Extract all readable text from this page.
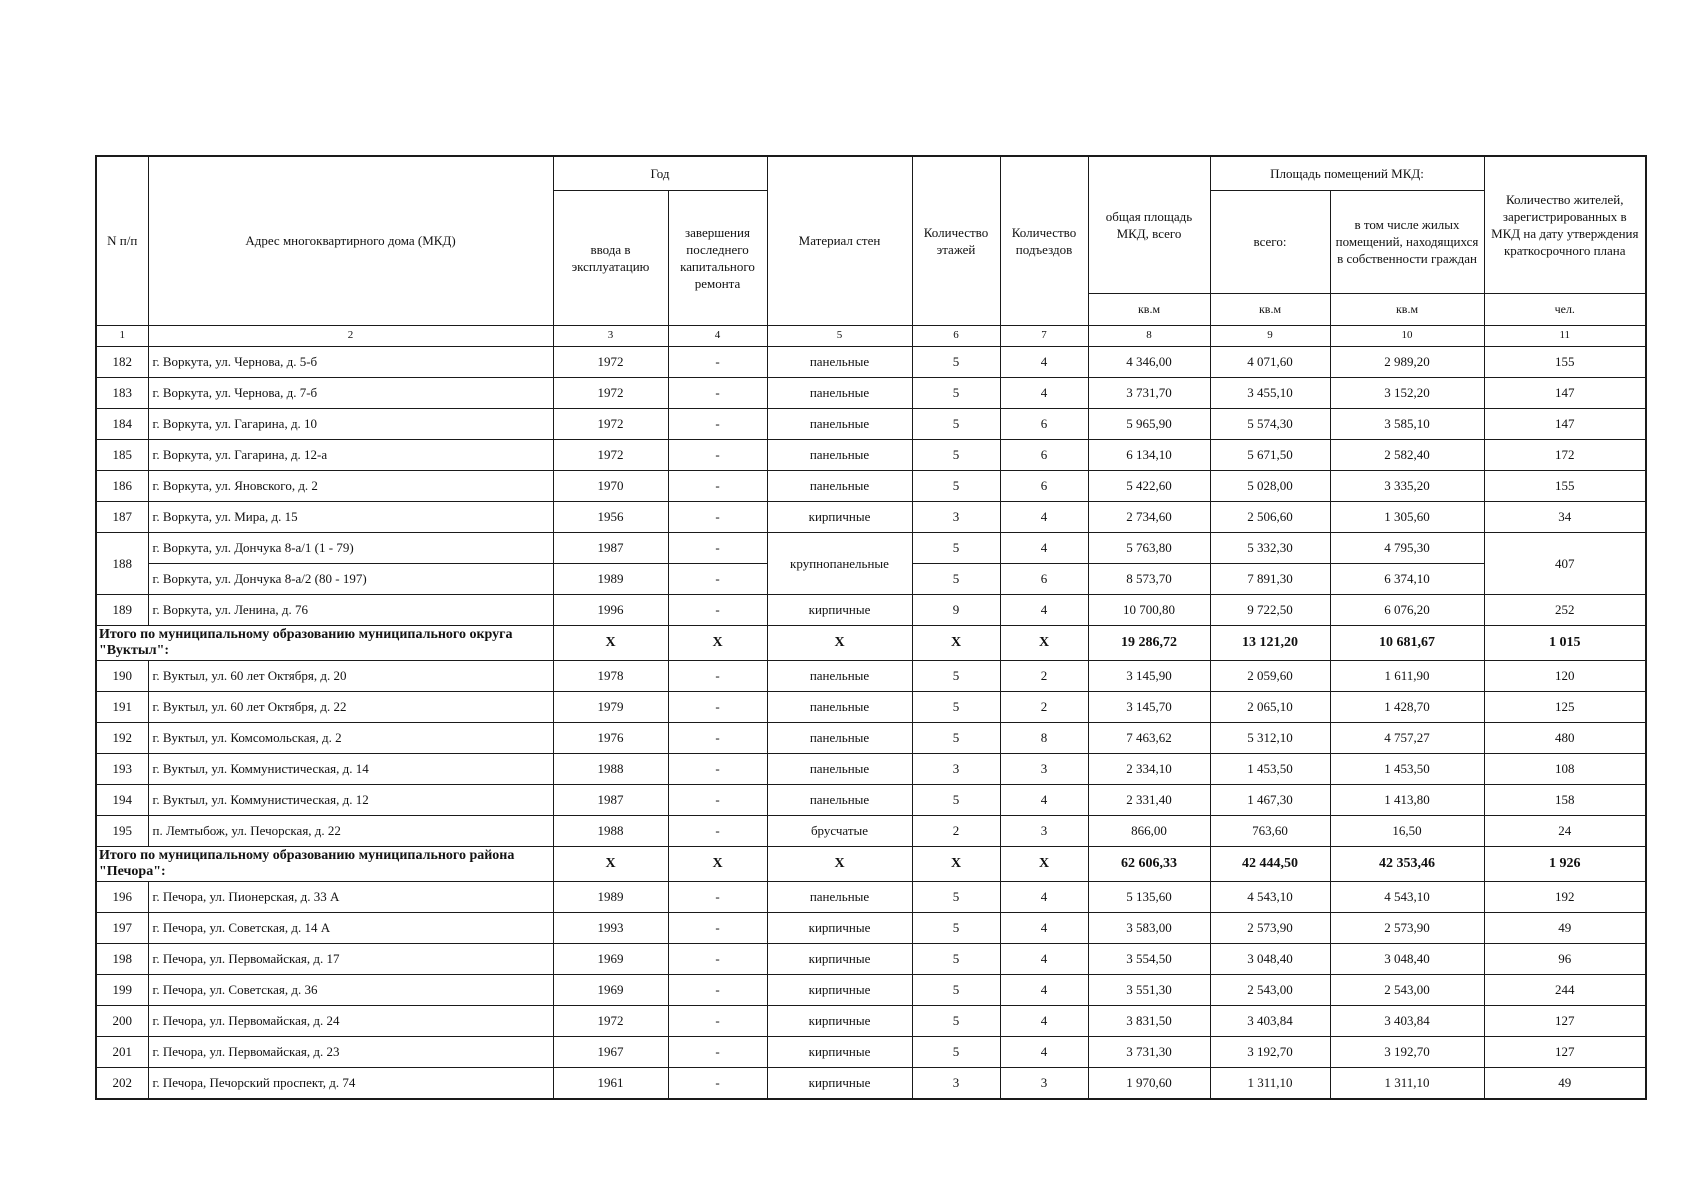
N п/п	Адрес многоквартирного дома (МКД)	Год		Материал стен	Количество этажей	Количество подъездов	общая площадь МКД, всего	Площадь помещений МКД:		Количество жителей, зарегистрированных в МКД на дату утверждения краткосрочного плана
		ввода в эксплуатацию	завершения последнего капитального ремонта					всего:	в том числе жилых помещений, находящихся в собственности граждан	
							кв.м	кв.м	кв.м	чел.
1	2	3	4	5	6	7	8	9	10	11
182	г. Воркута, ул. Чернова, д. 5-б	1972	-	панельные	5	4	4 346,00	4 071,60	2 989,20	155
183	г. Воркута, ул. Чернова, д. 7-б	1972	-	панельные	5	4	3 731,70	3 455,10	3 152,20	147
184	г. Воркута, ул. Гагарина, д. 10	1972	-	панельные	5	6	5 965,90	5 574,30	3 585,10	147
185	г. Воркута, ул. Гагарина, д. 12-а	1972	-	панельные	5	6	6 134,10	5 671,50	2 582,40	172
186	г. Воркута, ул. Яновского, д. 2	1970	-	панельные	5	6	5 422,60	5 028,00	3 335,20	155
187	г. Воркута, ул. Мира, д. 15	1956	-	кирпичные	3	4	2 734,60	2 506,60	1 305,60	34
188	г. Воркута, ул. Дончука 8-а/1 (1 - 79)	1987	-	крупнопанельные	5	4	5 763,80	5 332,30	4 795,30	407
	г. Воркута, ул. Дончука 8-а/2 (80 - 197)	1989	-		5	6	8 573,70	7 891,30	6 374,10	
189	г. Воркута, ул. Ленина, д. 76	1996	-	кирпичные	9	4	10 700,80	9 722,50	6 076,20	252
Итого по муниципальному образованию муниципального округа "Вуктыл":		X	X	X	X	X	19 286,72	13 121,20	10 681,67	1 015
190	г. Вуктыл, ул. 60 лет Октября, д. 20	1978	-	панельные	5	2	3 145,90	2 059,60	1 611,90	120
191	г. Вуктыл, ул. 60 лет Октября, д. 22	1979	-	панельные	5	2	3 145,70	2 065,10	1 428,70	125
192	г. Вуктыл, ул. Комсомольская, д. 2	1976	-	панельные	5	8	7 463,62	5 312,10	4 757,27	480
193	г. Вуктыл, ул. Коммунистическая, д. 14	1988	-	панельные	3	3	2 334,10	1 453,50	1 453,50	108
194	г. Вуктыл, ул. Коммунистическая, д. 12	1987	-	панельные	5	4	2 331,40	1 467,30	1 413,80	158
195	п. Лемтыбож, ул. Печорская, д. 22	1988	-	брусчатые	2	3	866,00	763,60	16,50	24
Итого по муниципальному образованию муниципального района "Печора":		X	X	X	X	X	62 606,33	42 444,50	42 353,46	1 926
196	г. Печора, ул. Пионерская, д. 33 А	1989	-	панельные	5	4	5 135,60	4 543,10	4 543,10	192
197	г. Печора, ул. Советская, д. 14 А	1993	-	кирпичные	5	4	3 583,00	2 573,90	2 573,90	49
198	г. Печора, ул. Первомайская, д. 17	1969	-	кирпичные	5	4	3 554,50	3 048,40	3 048,40	96
199	г. Печора, ул. Советская, д. 36	1969	-	кирпичные	5	4	3 551,30	2 543,00	2 543,00	244
200	г. Печора, ул. Первомайская, д. 24	1972	-	кирпичные	5	4	3 831,50	3 403,84	3 403,84	127
201	г. Печора, ул. Первомайская, д. 23	1967	-	кирпичные	5	4	3 731,30	3 192,70	3 192,70	127
202	г. Печора, Печорский проспект, д. 74	1961	-	кирпичные	3	3	1 970,60	1 311,10	1 311,10	49
